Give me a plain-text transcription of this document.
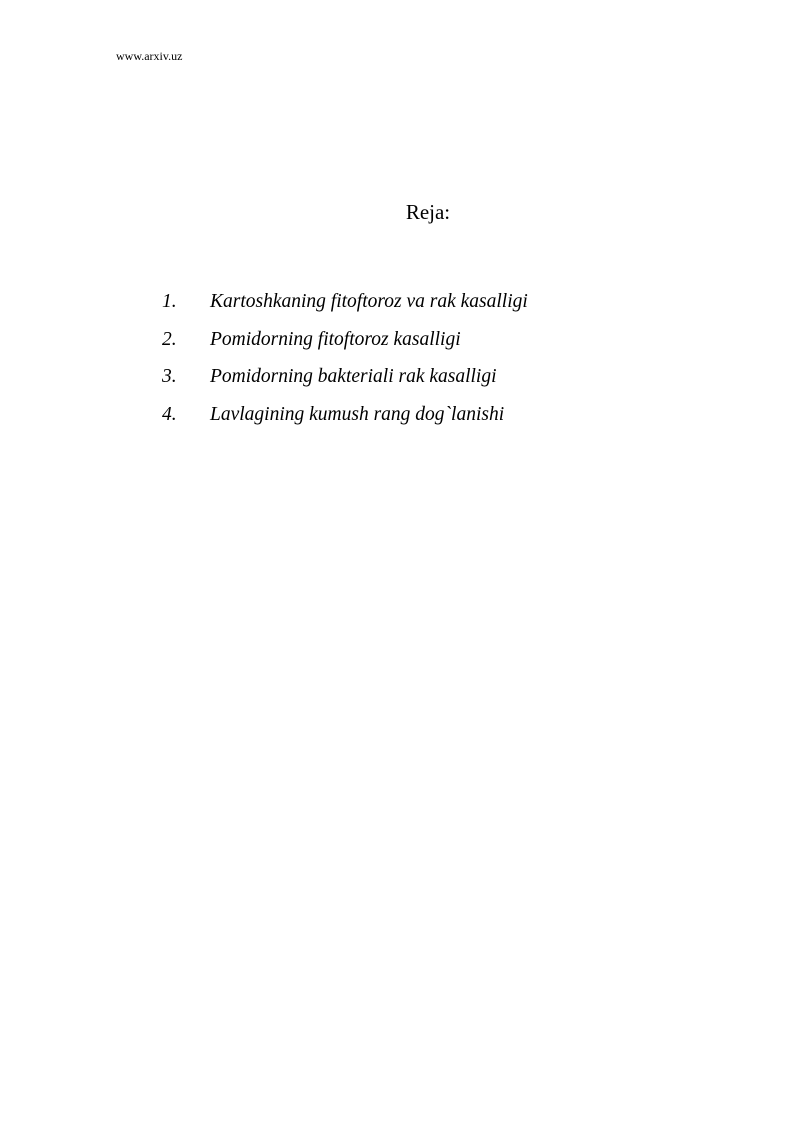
www.arxiv.uz
Reja:
1. Kartoshkaning fitoftoroz va rak kasalligi
2. Pomidorning fitoftoroz kasalligi
3. Pomidorning bakteriali rak kasalligi
4. Lavlagining kumush rang dog`lanishi
